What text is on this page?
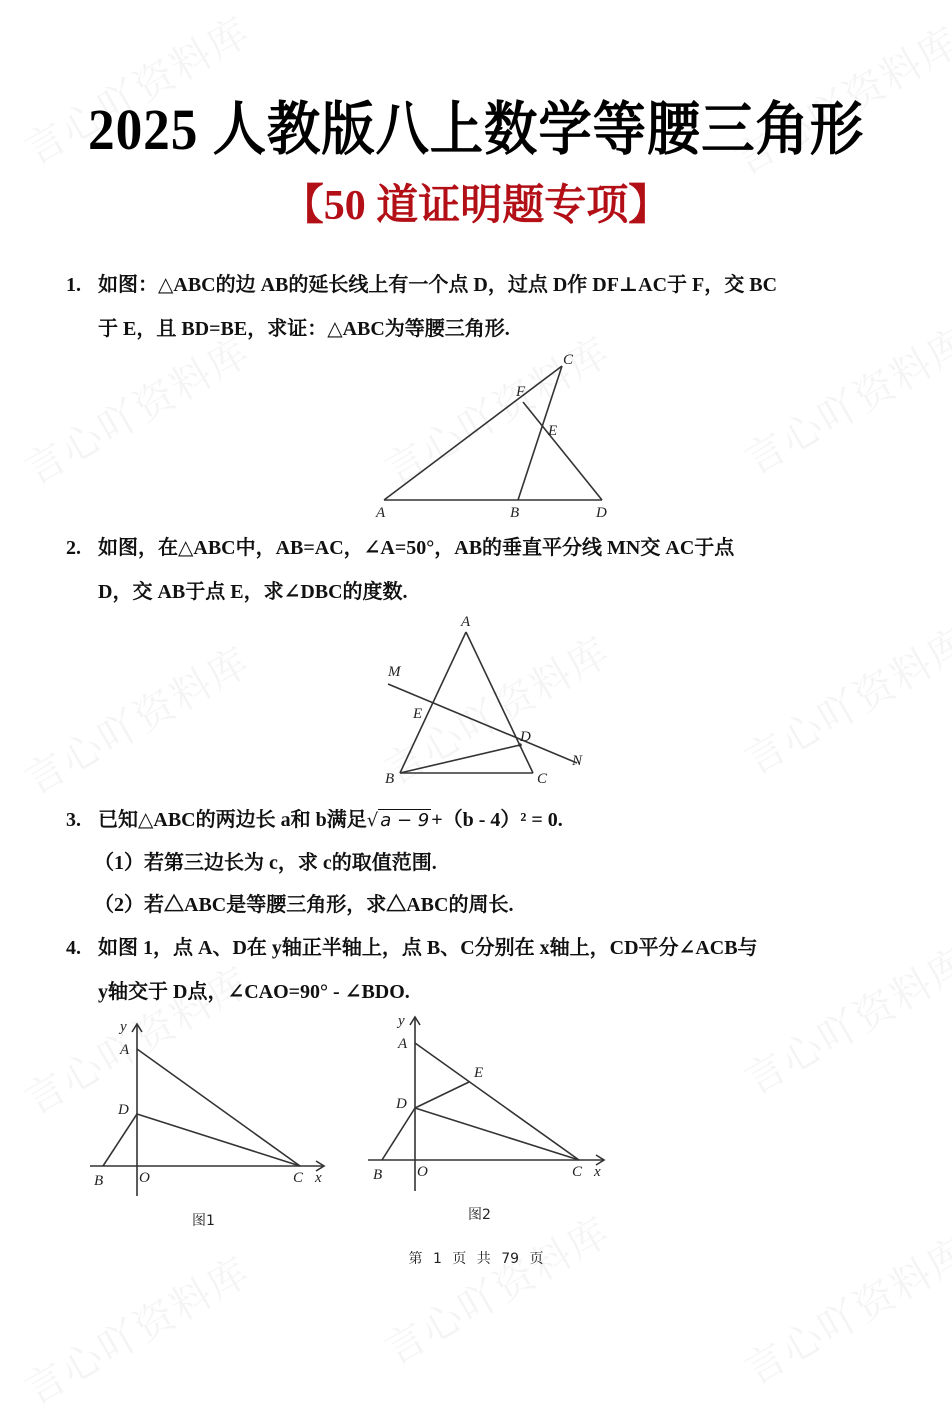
2025 人教版八上数学等腰三角形
【50 道证明题专项】
1. 如图：△ABC的边 AB的延长线上有一个点 D，过点 D作 DF⊥AC于 F，交 BC
于 E，且 BD=BE，求证：△ABC为等腰三角形.
A	B	D
C
F
E
2. 如图，在△ABC中，AB=AC，∠A=50°，AB的垂直平分线 MN交 AC于点
D，交 AB于点 E，求∠DBC的度数.
A
M
E
D
N
B	C
3. 已知△ABC的两边长 a和 b满足√ a − 9 +（b - 4）² = 0.
（1）若第三边长为 c，求 c的取值范围.
（2）若△ABC是等腰三角形，求△ABC的周长.
4. 如图 1，点 A、D在 y轴正半轴上，点 B、C分别在 x轴上，CD平分∠ACB与
y轴交于 D点，∠CAO=90° - ∠BDO.
y
A
D
B O	C x
图1
y
A
E
D
B O	C x
图2
第 1 页 共 79 页
